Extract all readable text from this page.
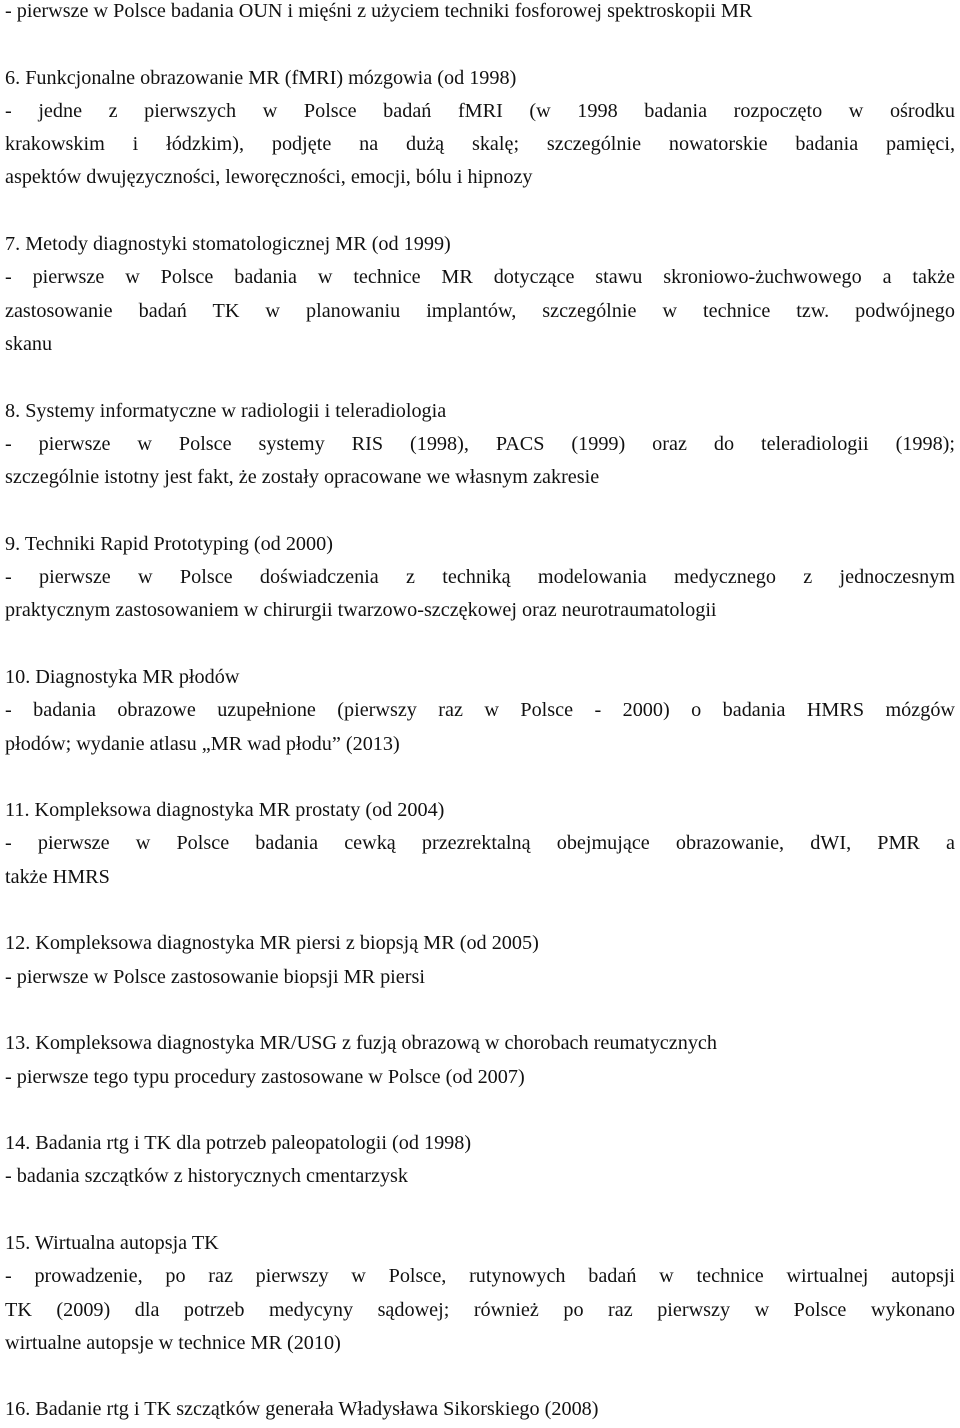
- pierwsze w Polsce badania OUN i mięśni z użyciem techniki fosforowej spektroskopii MR
6. Funkcjonalne obrazowanie MR (fMRI) mózgowia (od 1998)
- jedne z pierwszych w Polsce badań fMRI (w 1998 badania rozpoczęto w ośrodku
krakowskim i łódzkim), podjęte na dużą skalę; szczególnie nowatorskie badania pamięci,
aspektów dwujęzyczności, leworęczności, emocji, bólu i hipnozy
7. Metody diagnostyki stomatologicznej MR (od 1999)
- pierwsze w Polsce badania w technice MR dotyczące stawu skroniowo-żuchwowego a także
zastosowanie badań TK w planowaniu implantów, szczególnie w technice tzw. podwójnego
skanu
8. Systemy informatyczne w radiologii i teleradiologia
- pierwsze w Polsce systemy RIS (1998), PACS (1999) oraz do teleradiologii (1998);
szczególnie istotny jest fakt, że zostały opracowane we własnym zakresie
9. Techniki Rapid Prototyping (od 2000)
- pierwsze w Polsce doświadczenia z techniką modelowania medycznego z jednoczesnym
praktycznym zastosowaniem w chirurgii twarzowo-szczękowej oraz neurotraumatologii
10. Diagnostyka MR płodów
- badania obrazowe uzupełnione (pierwszy raz w Polsce - 2000) o badania HMRS mózgów
płodów; wydanie atlasu „MR wad płodu” (2013)
11. Kompleksowa diagnostyka MR prostaty (od 2004)
- pierwsze w Polsce badania cewką przezrektalną obejmujące obrazowanie, dWI, PMR a
także HMRS
12. Kompleksowa diagnostyka MR piersi z biopsją MR (od 2005)
- pierwsze w Polsce zastosowanie biopsji MR piersi
13. Kompleksowa diagnostyka MR/USG z fuzją obrazową w chorobach reumatycznych
- pierwsze tego typu procedury zastosowane w Polsce (od 2007)
14. Badania rtg i TK dla potrzeb paleopatologii (od 1998)
- badania szczątków z historycznych cmentarzysk
15. Wirtualna autopsja TK
- prowadzenie, po raz pierwszy w Polsce, rutynowych badań w technice wirtualnej autopsji
TK (2009) dla potrzeb medycyny sądowej; również po raz pierwszy w Polsce wykonano
wirtualne autopsje w technice MR (2010)
16. Badanie rtg i TK szczątków generała Władysława Sikorskiego (2008)
